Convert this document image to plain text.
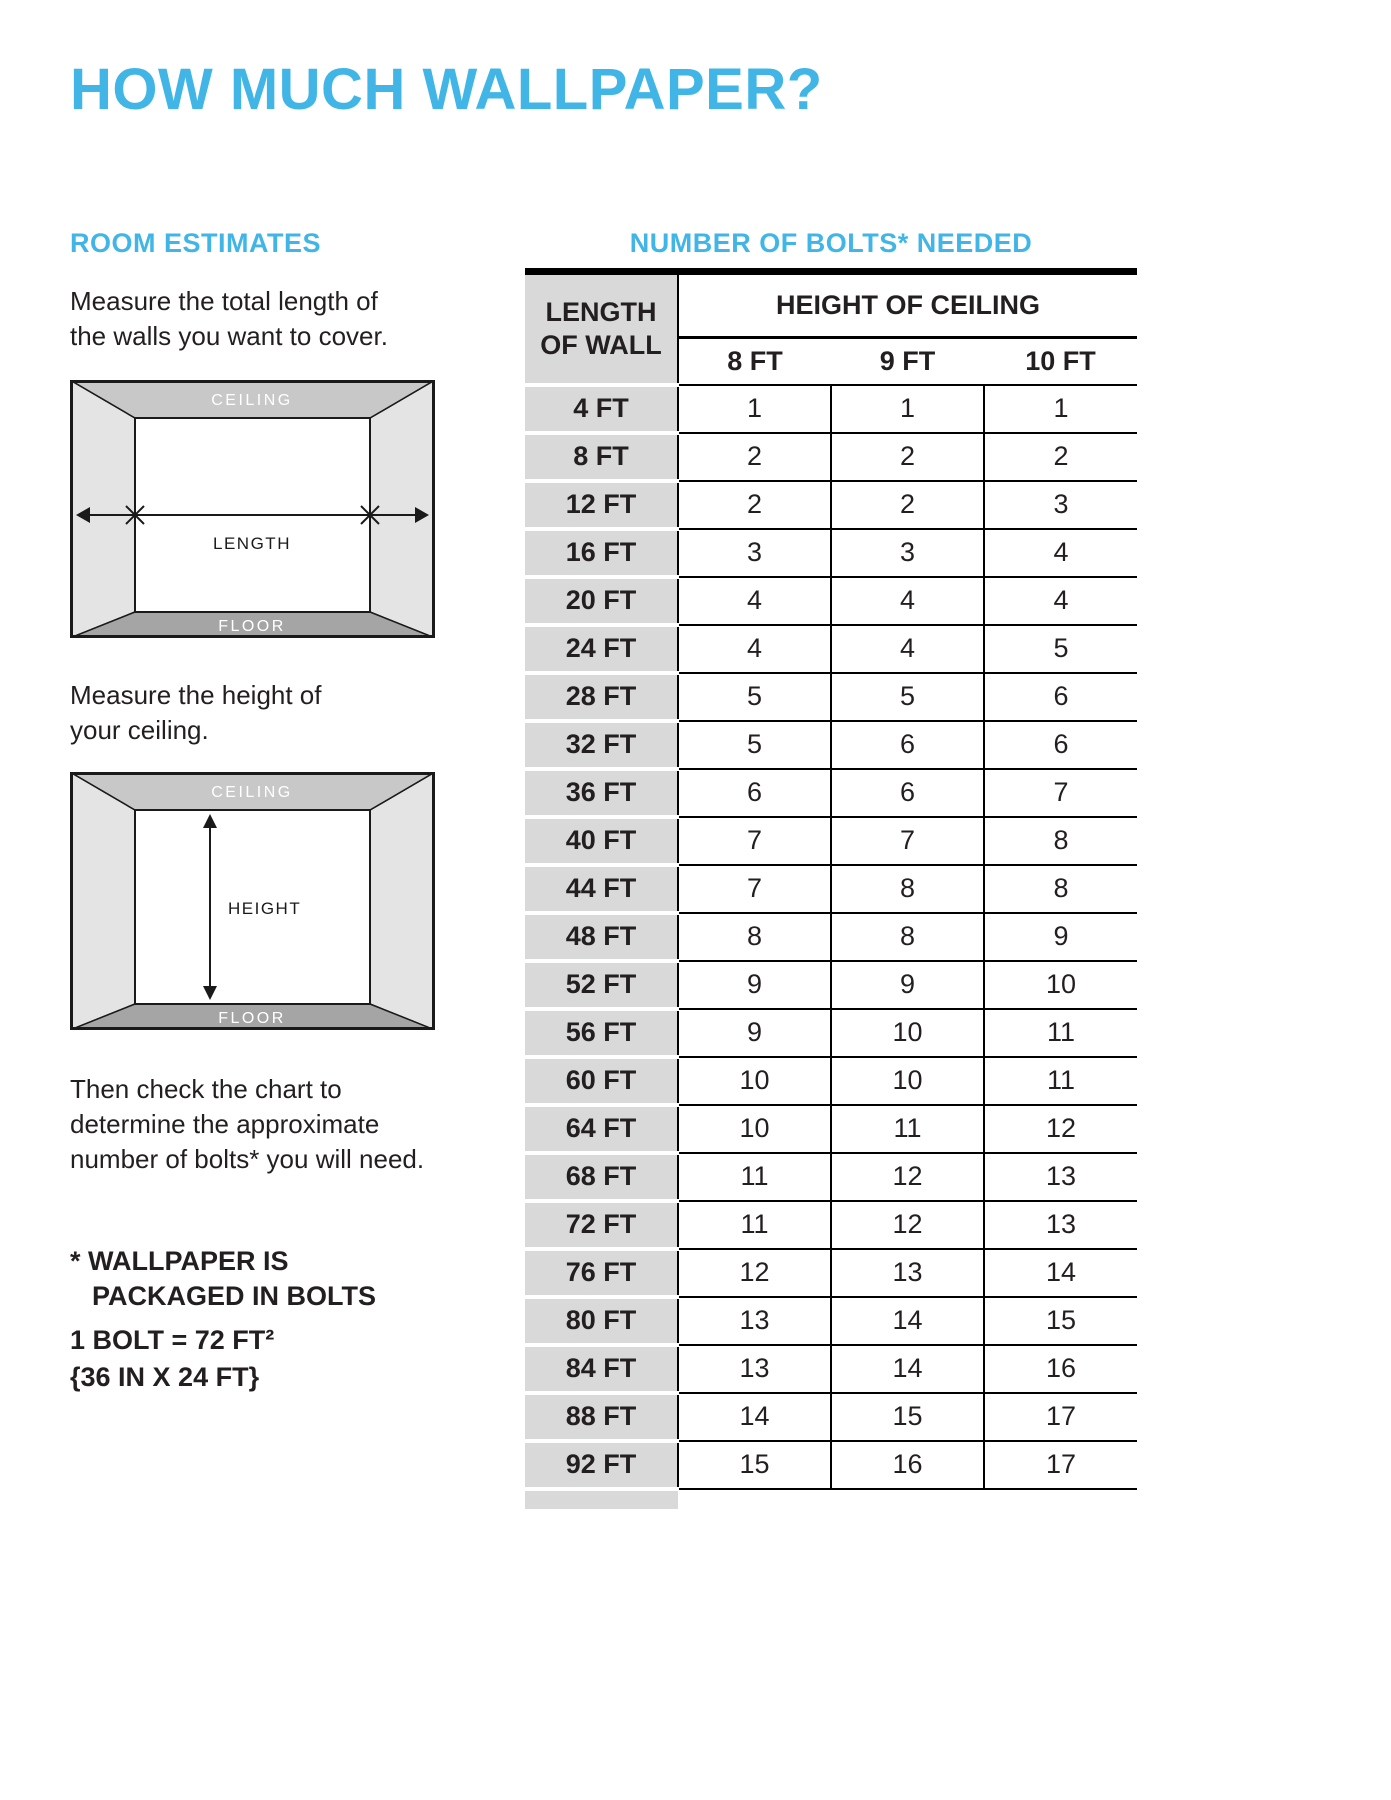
HOW MUCH WALLPAPER?
ROOM ESTIMATES	NUMBER OF BOLTS* NEEDED
Measure the total length of
the walls you want to cover.
CEILING
FLOOR
LENGTH
Measure the height of
your ceiling.
CEILING
FLOOR
HEIGHT
Then check the chart to
determine the approximate
number of bolts* you will need.
* WALLPAPER IS
PACKAGED IN BOLTS
1 BOLT = 72 FT²
{36 IN X 24 FT}
LENGTH
OF WALL	HEIGHT OF CEILING		
	8 FT	9 FT	10 FT
4 FT	1	1	1
8 FT	2	2	2
12 FT	2	2	3
16 FT	3	3	4
20 FT	4	4	4
24 FT	4	4	5
28 FT	5	5	6
32 FT	5	6	6
36 FT	6	6	7
40 FT	7	7	8
44 FT	7	8	8
48 FT	8	8	9
52 FT	9	9	10
56 FT	9	10	11
60 FT	10	10	11
64 FT	10	11	12
68 FT	11	12	13
72 FT	11	12	13
76 FT	12	13	14
80 FT	13	14	15
84 FT	13	14	16
88 FT	14	15	17
92 FT	15	16	17
